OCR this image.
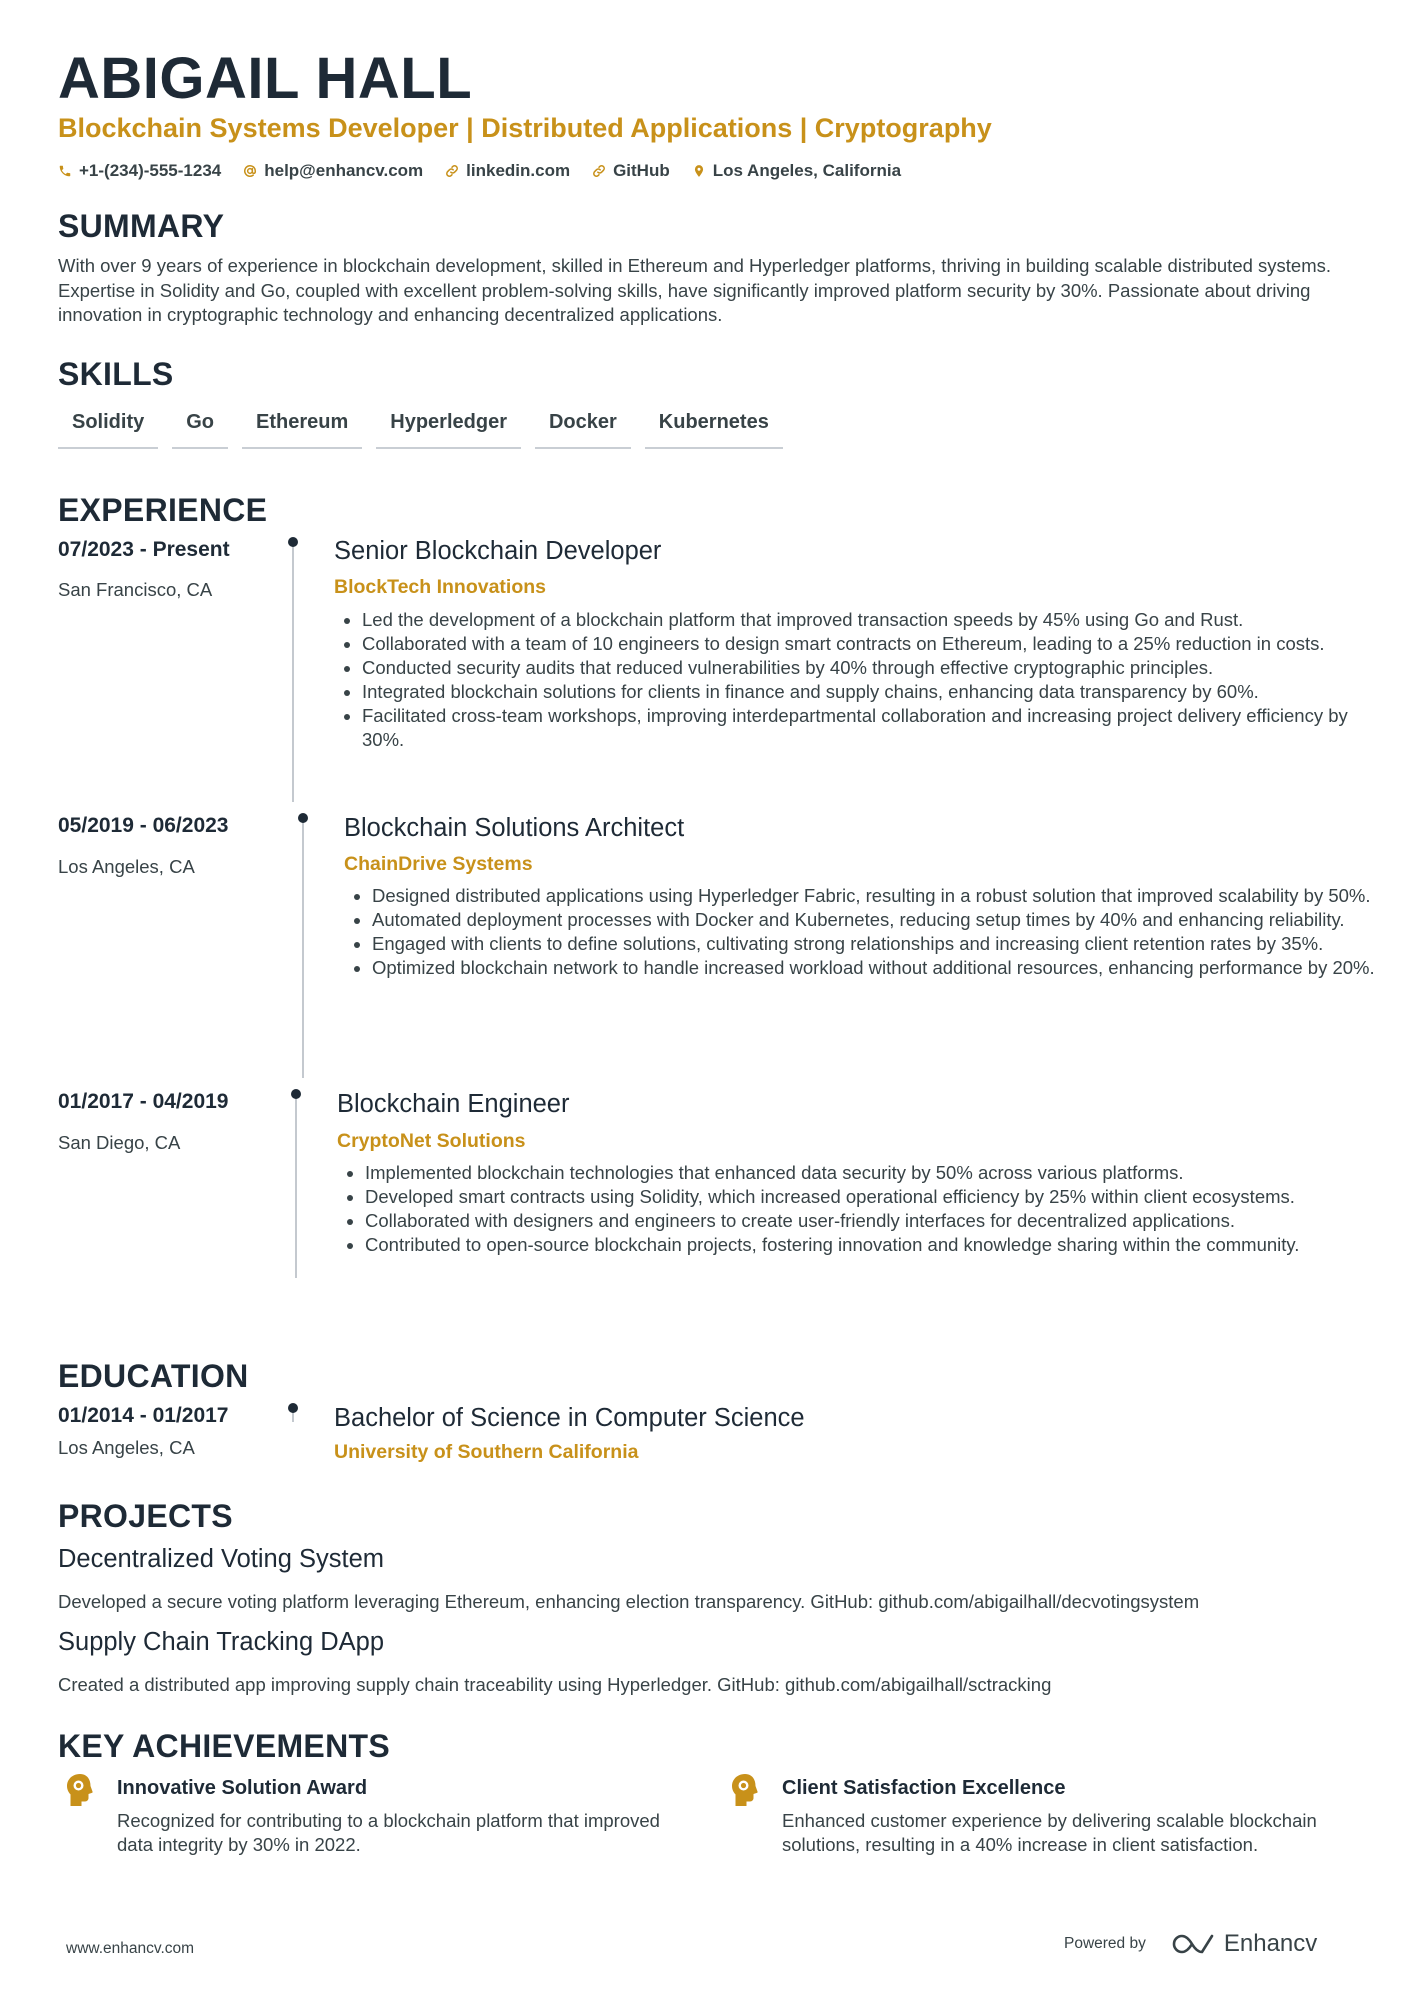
ABIGAIL HALL
Blockchain Systems Developer | Distributed Applications | Cryptography
+1-(234)-555-1234	help@enhancv.com	linkedin.com	GitHub	Los Angeles, California
SUMMARY

With over 9 years of experience in blockchain development, skilled in Ethereum and Hyperledger platforms, thriving in building scalable distributed systems. Expertise in Solidity and Go, coupled with excellent problem-solving skills, have significantly improved platform security by 30%. Passionate about driving innovation in cryptographic technology and enhancing decentralized applications.

SKILLS
Solidity	Go	Ethereum	Hyperledger	Docker	Kubernetes
EXPERIENCE
07/2023 - Present
San Francisco, CA
Senior Blockchain Developer
BlockTech Innovations
• Led the development of a blockchain platform that improved transaction speeds by 45% using Go and Rust.
• Collaborated with a team of 10 engineers to design smart contracts on Ethereum, leading to a 25% reduction in costs.
• Conducted security audits that reduced vulnerabilities by 40% through effective cryptographic principles.
• Integrated blockchain solutions for clients in finance and supply chains, enhancing data transparency by 60%.
• Facilitated cross-team workshops, improving interdepartmental collaboration and increasing project delivery efficiency by 30%.
05/2019 - 06/2023
Los Angeles, CA
Blockchain Solutions Architect
ChainDrive Systems
• Designed distributed applications using Hyperledger Fabric, resulting in a robust solution that improved scalability by 50%.
• Automated deployment processes with Docker and Kubernetes, reducing setup times by 40% and enhancing reliability.
• Engaged with clients to define solutions, cultivating strong relationships and increasing client retention rates by 35%.
• Optimized blockchain network to handle increased workload without additional resources, enhancing performance by 20%.
01/2017 - 04/2019
San Diego, CA
Blockchain Engineer
CryptoNet Solutions
• Implemented blockchain technologies that enhanced data security by 50% across various platforms.
• Developed smart contracts using Solidity, which increased operational efficiency by 25% within client ecosystems.
• Collaborated with designers and engineers to create user-friendly interfaces for decentralized applications.
• Contributed to open-source blockchain projects, fostering innovation and knowledge sharing within the community.
EDUCATION
01/2014 - 01/2017
Los Angeles, CA
Bachelor of Science in Computer Science
University of Southern California
PROJECTS
Decentralized Voting System
Developed a secure voting platform leveraging Ethereum, enhancing election transparency. GitHub: github.com/abigailhall/decvotingsystem
Supply Chain Tracking DApp
Created a distributed app improving supply chain traceability using Hyperledger. GitHub: github.com/abigailhall/sctracking
KEY ACHIEVEMENTS
Innovative Solution Award

Recognized for contributing to a blockchain platform that improved data integrity by 30% in 2022.

Client Satisfaction Excellence

Enhanced customer experience by delivering scalable blockchain solutions, resulting in a 40% increase in client satisfaction.

www.enhancv.com	Powered by	Enhancv
